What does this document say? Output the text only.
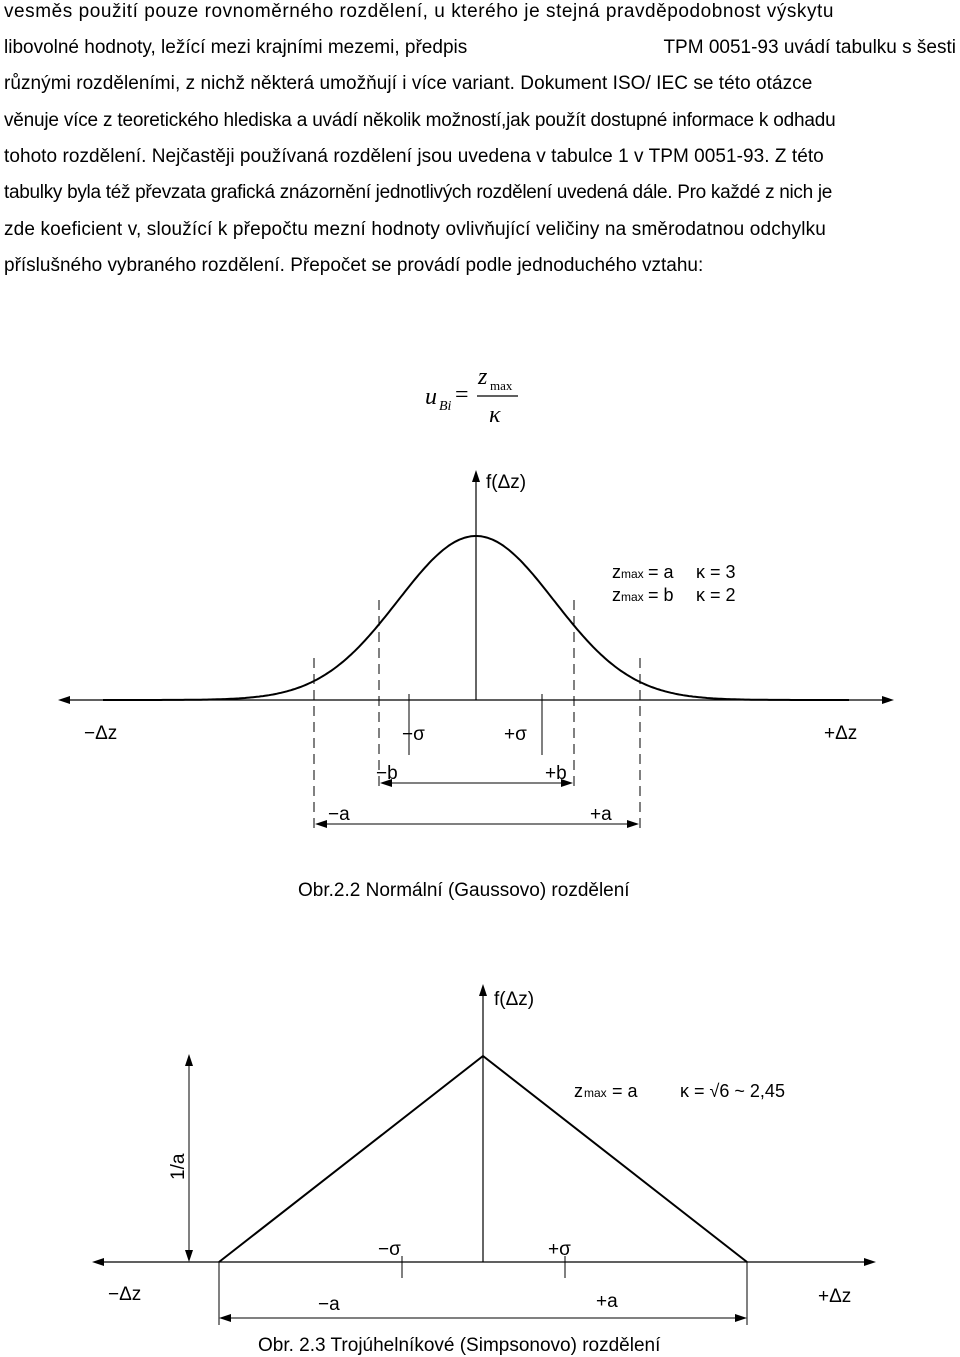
vesměs použití pouze rovnoměrného rozdělení, u kterého je stejná pravděpodobnost výskytu
libovolné hodnoty, ležící mezi krajními mezemi, předpis	TPM 0051-93 uvádí tabulku s šesti
různými rozděleními, z nichž některá umožňují i více variant. Dokument ISO/ IEC se této otázce
věnuje více z teoretického hlediska a uvádí několik možností,jak použít dostupné informace k odhadu
tohoto rozdělení. Nejčastěji používaná rozdělení jsou uvedena v tabulce 1 v TPM 0051-93. Z této
tabulky byla též převzata grafická znázornění jednotlivých rozdělení uvedená dále. Pro každé z nich je
zde koeficient v, sloužící k přepočtu mezní hodnoty ovlivňující veličiny na směrodatnou odchylku
příslušného vybraného rozdělení. Přepočet se provádí podle jednoduchého vztahu:
u Bi =
z max
κ
f(Δz)
z max = a κ = 3
z max = b κ = 2
−Δz	+Δz
−σ	+σ
−b	+b
−a	+a
Obr.2.2 Normální (Gaussovo) rozdělení
f(Δz)
1/a
z max = a κ = √6 ~ 2,45
−σ	+σ
−Δz	+Δz
−a	+a
Obr. 2.3 Trojúhelníkové (Simpsonovo) rozdělení
